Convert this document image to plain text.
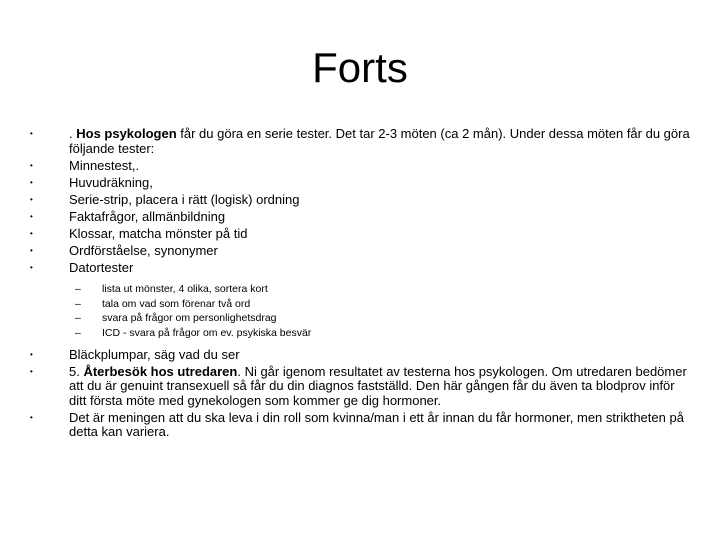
Forts
•	. Hos psykologen får du göra en serie tester. Det tar 2-3 möten (ca 2 mån). Under dessa möten får du göra följande tester:
•	Minnestest,.
•	Huvudräkning,
•	Serie-strip, placera i rätt (logisk) ordning
•	Faktafrågor, allmänbildning
•	Klossar, matcha mönster på tid
•	Ordförståelse, synonymer
•	Datortester
– lista ut mönster, 4 olika, sortera kort
– tala om vad som förenar två ord
– svara på frågor om personlighetsdrag
– ICD - svara på frågor om ev. psykiska besvär
•	Bläckplumpar, säg vad du ser
•	5. Återbesök hos utredaren. Ni går igenom resultatet av testerna hos psykologen. Om utredaren bedömer att du är genuint transexuell så får du din diagnos fastställd. Den här gången får du även ta blodprov inför ditt första möte med gynekologen som kommer ge dig hormoner.
•	Det är meningen att du ska leva i din roll som kvinna/man i ett år innan du får hormoner, men striktheten på detta kan variera.
